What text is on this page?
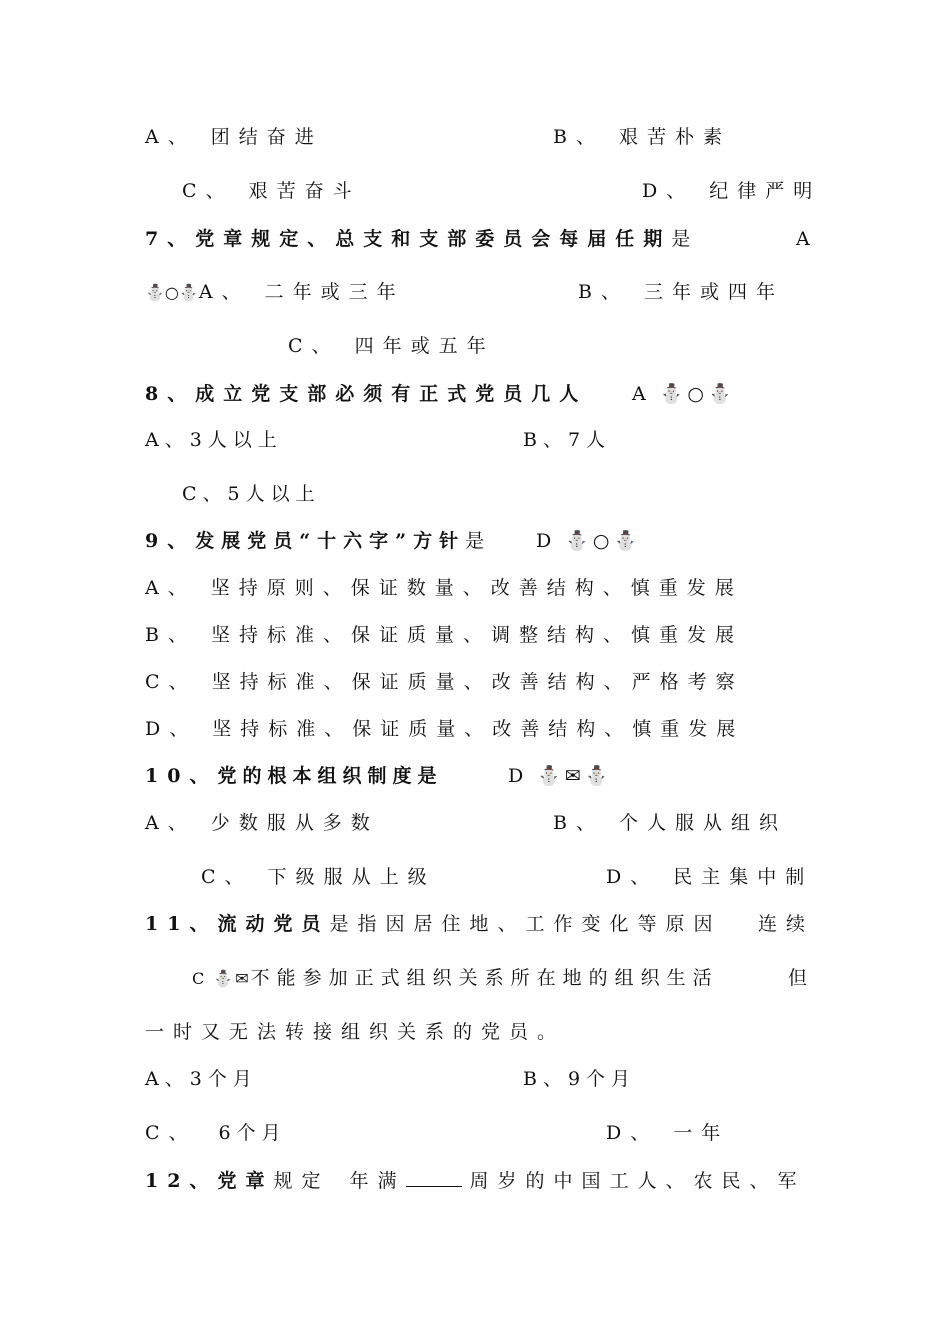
A、 团结奋进	B、 艰苦朴素
C、 艰苦奋斗	D、 纪律严明
7、党章规定、总支和支部委员会每届任期是	A
⛄○⛄A、 二年或三年	B、 三年或四年
C、 四年或五年
8、成立党支部必须有正式党员几人 A ⛄○⛄
A、3人以上	B、7人
C、5人以上
9、发展党员“十六字”方针是 D ⛄○⛄
A、 坚持原则、保证数量、改善结构、慎重发展
B、 坚持标准、保证质量、调整结构、慎重发展
C、 坚持标准、保证质量、改善结构、严格考察
D、 坚持标准、保证质量、改善结构、慎重发展
10、党的根本组织制度是	D ⛄✉⛄
A、 少数服从多数	B、 个人服从组织
C、 下级服从上级	D、 民主集中制
11、流动党员是指因居住地、工作变化等原因 连续
C ⛄✉不能参加正式组织关系所在地的组织生活	但
一时又无法转接组织关系的党员。
A、3个月	B、9个月
C、 6个月	D、 一年
12、党章规定 年满	周岁的中国工人、农民、军
